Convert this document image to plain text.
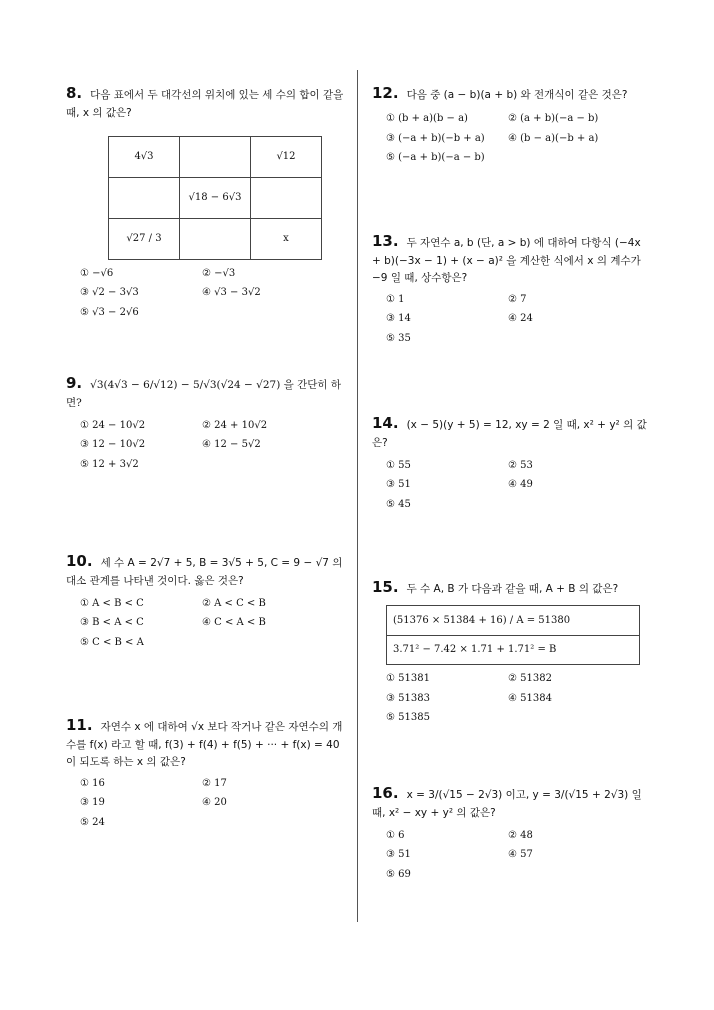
8. 다음 표에서 두 대각선의 위치에 있는 세 수의 합이 같을 때, x 의 값은?
4√3		√12
	√18 − 6√3	
√27 / 3		x
① −√6	② −√3
③ √2 − 3√3	④ √3 − 3√2
⑤ √3 − 2√6
9. √3(4√3 − 6/√12) − 5/√3(√24 − √27) 을 간단히 하면?
① 24 − 10√2	② 24 + 10√2
③ 12 − 10√2	④ 12 − 5√2
⑤ 12 + 3√2
10. 세 수 A = 2√7 + 5, B = 3√5 + 5, C = 9 − √7 의 대소 관계를 나타낸 것이다. 옳은 것은?
① A < B < C	② A < C < B
③ B < A < C	④ C < A < B
⑤ C < B < A
11. 자연수 x 에 대하여 √x 보다 작거나 같은 자연수의 개수를 f(x) 라고 할 때, f(3) + f(4) + f(5) + ··· + f(x) = 40 이 되도록 하는 x 의 값은?
① 16	② 17
③ 19	④ 20
⑤ 24
12. 다음 중 (a − b)(a + b) 와 전개식이 같은 것은?
① (b + a)(b − a)	② (a + b)(−a − b)
③ (−a + b)(−b + a)	④ (b − a)(−b + a)
⑤ (−a + b)(−a − b)
13. 두 자연수 a, b (단, a > b) 에 대하여 다항식 (−4x + b)(−3x − 1) + (x − a)² 을 계산한 식에서 x 의 계수가 −9 일 때, 상수항은?
① 1	② 7
③ 14	④ 24
⑤ 35
14. (x − 5)(y + 5) = 12, xy = 2 일 때, x² + y² 의 값은?
① 55	② 53
③ 51	④ 49
⑤ 45
15. 두 수 A, B 가 다음과 같을 때, A + B 의 값은?
(51376 × 51384 + 16) / A = 51380
3.71² − 7.42 × 1.71 + 1.71² = B
① 51381	② 51382
③ 51383	④ 51384
⑤ 51385
16. x = 3/(√15 − 2√3) 이고, y = 3/(√15 + 2√3) 일 때, x² − xy + y² 의 값은?
① 6	② 48
③ 51	④ 57
⑤ 69
